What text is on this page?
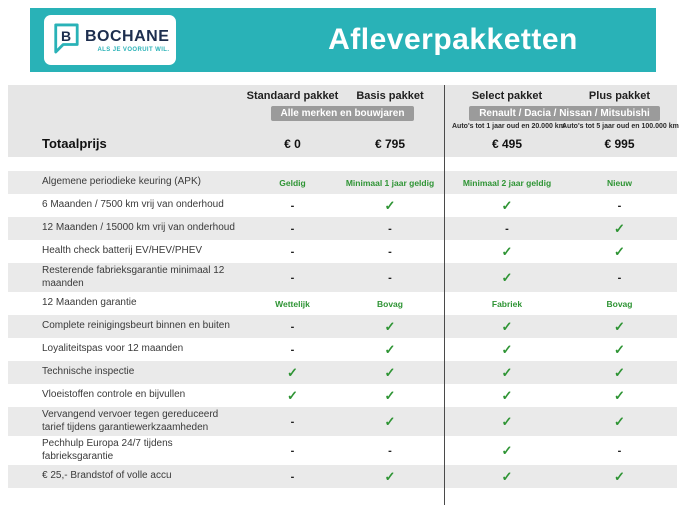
B BOCHANE
ALS JE VOORUIT WIL.	Afleverpakketten
Standaard pakket	Basis pakket	Select pakket	Plus pakket
Alle merken en bouwjaren	Renault / Dacia / Nissan / Mitsubishi
Auto's tot 1 jaar oud en 20.000 km
Auto's tot 5 jaar oud en 100.000 km
Totaalprijs	€ 0	€ 795	€ 495	€ 995
Algemene periodieke keuring (APK)	Geldig	Minimaal 1 jaar geldig	Minimaal 2 jaar geldig	Nieuw
6 Maanden / 7500 km vrij van onderhoud	-	✓	✓	-
12 Maanden / 15000 km vrij van onderhoud	-	-	-	✓
Health check batterij EV/HEV/PHEV	-	-	✓	✓
Resterende fabrieksgarantie minimaal 12 maanden	-	-	✓	-
12 Maanden garantie	Wettelijk	Bovag	Fabriek	Bovag
Complete reinigingsbeurt binnen en buiten	-	✓	✓	✓
Loyaliteitspas voor 12 maanden	-	✓	✓	✓
Technische inspectie	✓	✓	✓	✓
Vloeistoffen controle en bijvullen	✓	✓	✓	✓
Vervangend vervoer tegen gereduceerd tarief tijdens garantiewerkzaamheden	-	✓	✓	✓
Pechhulp Europa 24/7 tijdens fabrieksgarantie	-	-	✓	-
€ 25,- Brandstof of volle accu	-	✓	✓	✓
